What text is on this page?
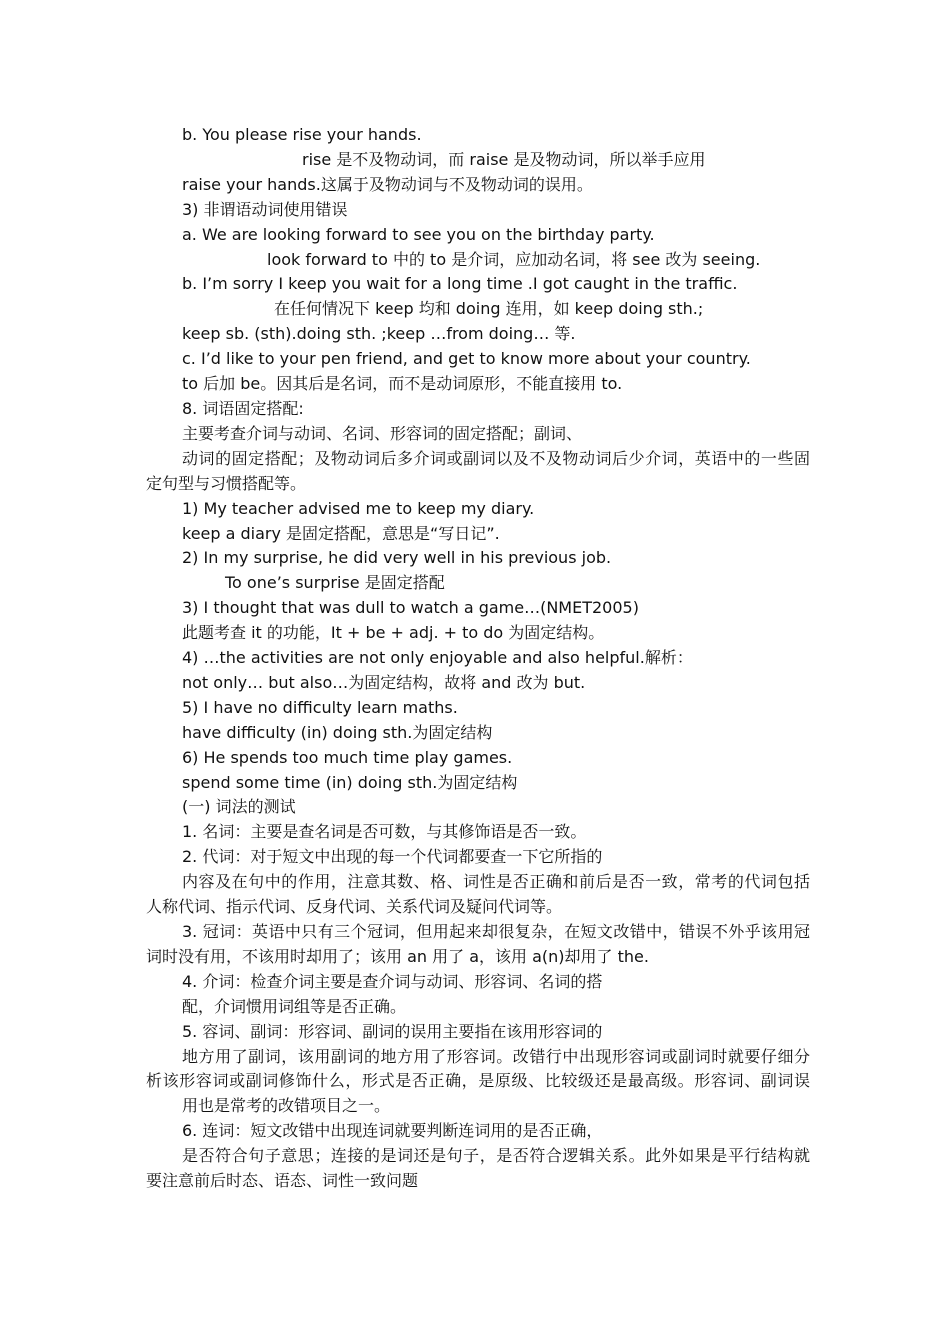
b. You please rise your hands.

rise 是不及物动词，而 raise 是及物动词，所以举手应用

raise your hands.这属于及物动词与不及物动词的误用。

3) 非谓语动词使用错误

a. We are looking forward to see you on the birthday party.

look forward to 中的 to 是介词，应加动名词，将 see 改为 seeing.

b. I’m sorry I keep you wait for a long time .I got caught in the traffic.

在任何情况下 keep 均和 doing 连用，如 keep doing sth.;

keep sb. (sth).doing sth. ;keep …from doing… 等.

c. I’d like to your pen friend, and get to know more about your country.

to 后加 be。因其后是名词，而不是动词原形，不能直接用 to.

8. 词语固定搭配:

主要考查介词与动词、名词、形容词的固定搭配；副词、

动词的固定搭配；及物动词后多介词或副词以及不及物动词后少介词，英语中的一些固

定句型与习惯搭配等。

1) My teacher advised me to keep my diary.

keep a diary 是固定搭配，意思是“写日记”.

2) In my surprise, he did very well in his previous job.

To one’s surprise 是固定搭配

3) I thought that was dull to watch a game…(NMET2005)

此题考查 it 的功能，It + be + adj. + to do 为固定结构。

4) …the activities are not only enjoyable and also helpful.解析：

not only… but also…为固定结构，故将 and 改为 but.

5) I have no difficulty learn maths.

have difficulty (in) doing sth.为固定结构

6) He spends too much time play games.

spend some time (in) doing sth.为固定结构

(一) 词法的测试

1. 名词：主要是查名词是否可数，与其修饰语是否一致。

2. 代词：对于短文中出现的每一个代词都要查一下它所指的

内容及在句中的作用，注意其数、格、词性是否正确和前后是否一致，常考的代词包括

人称代词、指示代词、反身代词、关系代词及疑问代词等。

3. 冠词：英语中只有三个冠词，但用起来却很复杂，在短文改错中，错误不外乎该用冠

词时没有用，不该用时却用了；该用 an 用了 a，该用 a(n)却用了 the.

4. 介词：检查介词主要是查介词与动词、形容词、名词的搭

配，介词惯用词组等是否正确。

5. 容词、副词：形容词、副词的误用主要指在该用形容词的

地方用了副词，该用副词的地方用了形容词。改错行中出现形容词或副词时就要仔细分

析该形容词或副词修饰什么，形式是否正确，是原级、比较级还是最高级。形容词、副词误

用也是常考的改错项目之一。

6. 连词：短文改错中出现连词就要判断连词用的是否正确，

是否符合句子意思；连接的是词还是句子，是否符合逻辑关系。此外如果是平行结构就

要注意前后时态、语态、词性一致问题
